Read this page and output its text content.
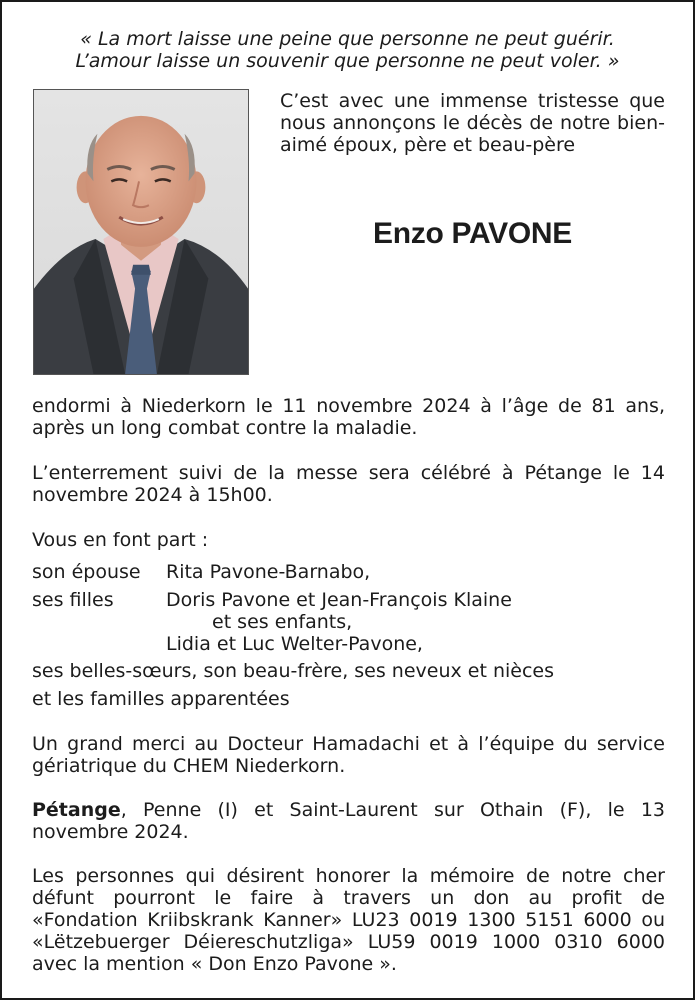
« La mort laisse une peine que personne ne peut guérir.
L’amour laisse un souvenir que personne ne peut voler. »

C’est avec une immense tristesse que nous annonçons le décès de notre bien-aimé époux, père et beau-père

Enzo PAVONE

endormi à Niederkorn le 11 novembre 2024 à l’âge de 81 ans, après un long combat contre la maladie.

L’enterrement suivi de la messe sera célébré à Pétange le 14 novembre 2024 à 15h00.

Vous en font part :
son épouse Rita Pavone-Barnabo,
ses filles	Doris Pavone et Jean-François Klaine
et ses enfants,
Lidia et Luc Welter-Pavone,
ses belles-sœurs, son beau-frère, ses neveux et nièces
et les familles apparentées

Un grand merci au Docteur Hamadachi et à l’équipe du service gériatrique du CHEM Niederkorn.

Pétange, Penne (I) et Saint-Laurent sur Othain (F), le 13 novembre 2024.

Les personnes qui désirent honorer la mémoire de notre cher
défunt pourront le faire à travers un don au profit de
«Fondation Kriibskrank Kanner» LU23 0019 1300 5151 6000 ou
«Lëtzebuerger Déiereschutzliga» LU59 0019 1000 0310 6000
avec la mention « Don Enzo Pavone ».
